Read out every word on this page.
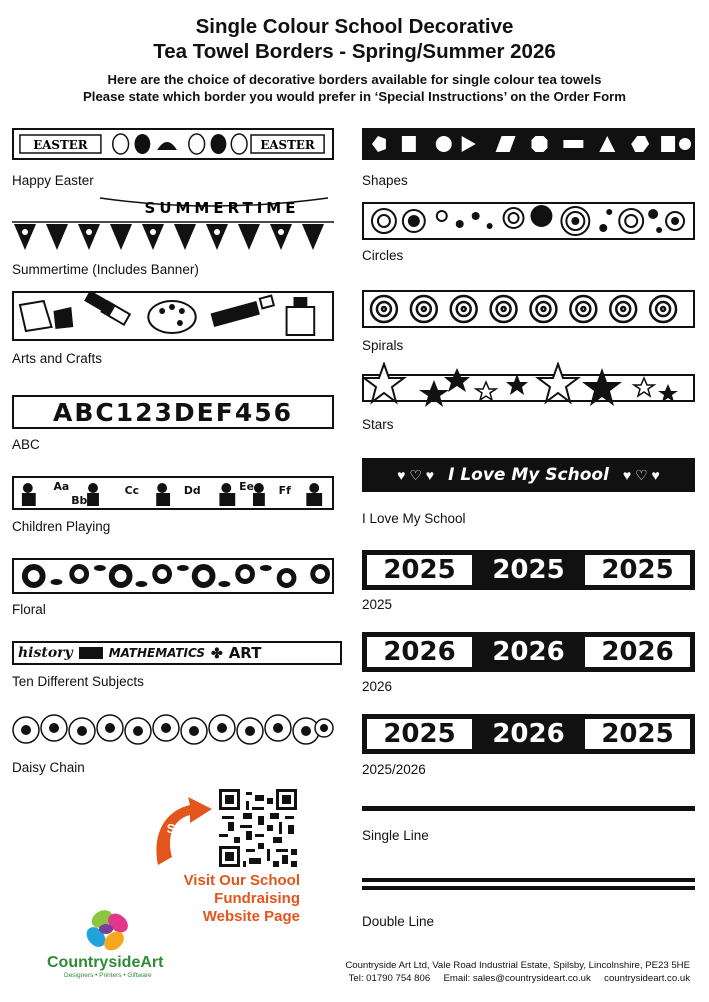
Single Colour School Decorative
Tea Towel Borders - Spring/Summer 2026
Here are the choice of decorative borders available for single colour tea towels
Please state which border you would prefer in ‘Special Instructions’ on the Order Form
EASTER	EASTER
Happy Easter
SUMMERTIME
Summertime (Includes Banner)
Arts and Crafts
ABC123DEF456
ABC
Aa
Bb
Cc	Dd	Ee Ff
Children Playing
Floral
history	MATHEMATICS ✤ ART
Ten Different Subjects
Daisy Chain
Shapes
Circles
Spirals
Stars
♥ ♡ ♥ I Love My School ♥ ♡ ♥
I Love My School
2025	2025	2025
2025
2026	2026	2026
2026
2025	2026	2025
2025/2026
Single Line
Double Line
SCAN
ME!
Visit Our School
Fundraising
Website Page
CountrysideArt
Designers • Printers • Giftware
Countryside Art Ltd, Vale Road Industrial Estate, Spilsby, Lincolnshire, PE23 5HE
Tel: 01790 754 806     Email: sales@countrysideart.co.uk     countrysideart.co.uk
